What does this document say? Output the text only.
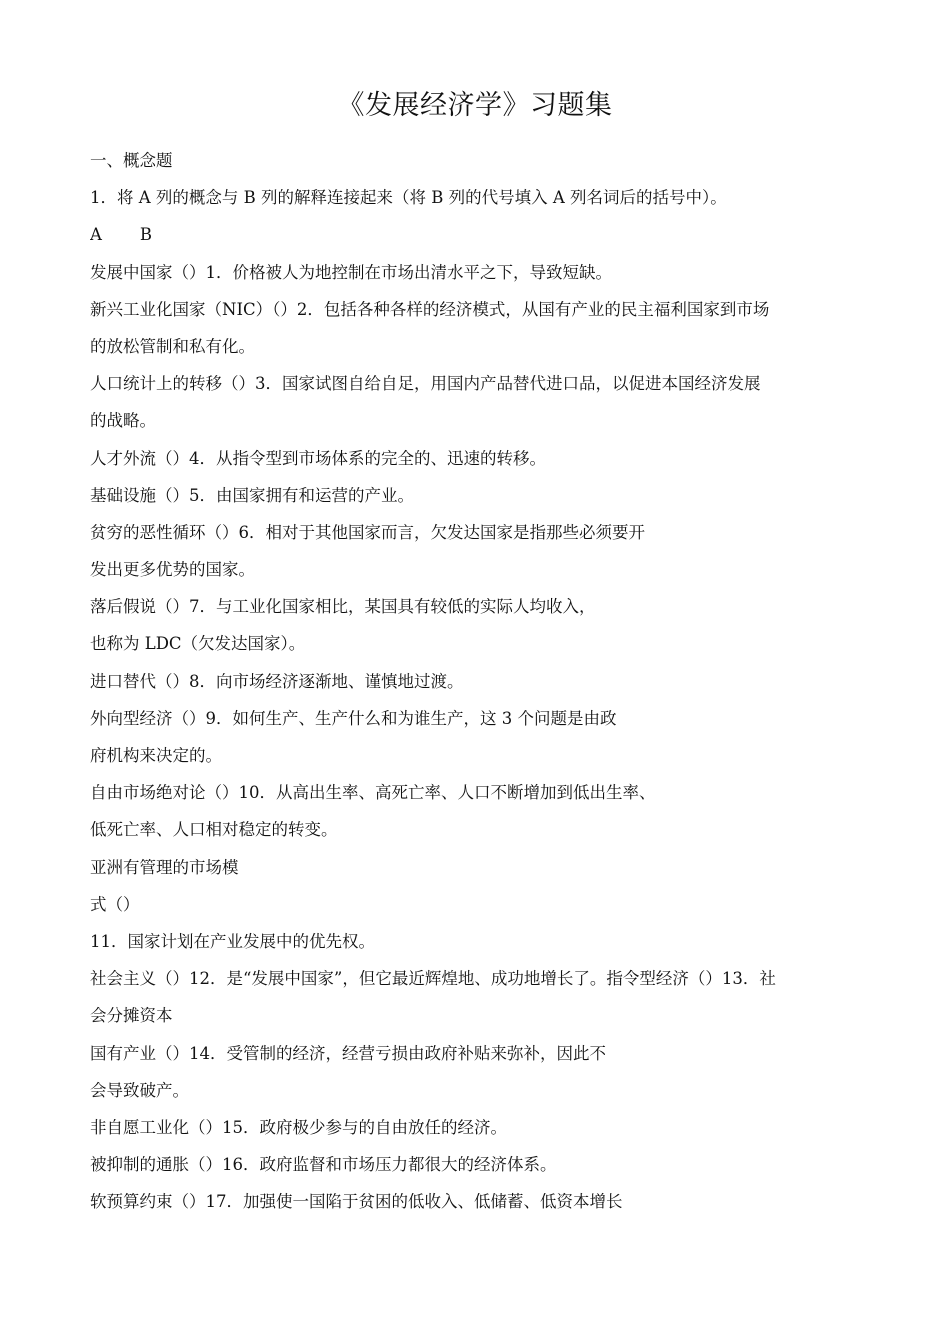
《发展经济学》习题集
一、概念题
1．将 A 列的概念与 B 列的解释连接起来（将 B 列的代号填入 A 列名词后的括号中）。
A B
发展中国家（）1．价格被人为地控制在市场出清水平之下，导致短缺。
新兴工业化国家（NIC）（）2．包括各种各样的经济模式，从国有产业的民主福利国家到市场
的放松管制和私有化。
人口统计上的转移（）3．国家试图自给自足，用国内产品替代进口品，以促进本国经济发展
的战略。
人才外流（）4．从指令型到市场体系的完全的、迅速的转移。
基础设施（）5．由国家拥有和运营的产业。
贫穷的恶性循环（）6．相对于其他国家而言，欠发达国家是指那些必须要开
发出更多优势的国家。
落后假说（）7．与工业化国家相比，某国具有较低的实际人均收入，
也称为 LDC（欠发达国家）。
进口替代（）8．向市场经济逐渐地、谨慎地过渡。
外向型经济（）9．如何生产、生产什么和为谁生产，这 3 个问题是由政
府机构来决定的。
自由市场绝对论（）10．从高出生率、高死亡率、人口不断增加到低出生率、
低死亡率、人口相对稳定的转变。
亚洲有管理的市场模
式（）
11．国家计划在产业发展中的优先权。
社会主义（）12．是“发展中国家”，但它最近辉煌地、成功地增长了。指令型经济（）13．社
会分摊资本
国有产业（）14．受管制的经济，经营亏损由政府补贴来弥补，因此不
会导致破产。
非自愿工业化（）15．政府极少参与的自由放任的经济。
被抑制的通胀（）16．政府监督和市场压力都很大的经济体系。
软预算约束（）17．加强使一国陷于贫困的低收入、低储蓄、低资本增长
